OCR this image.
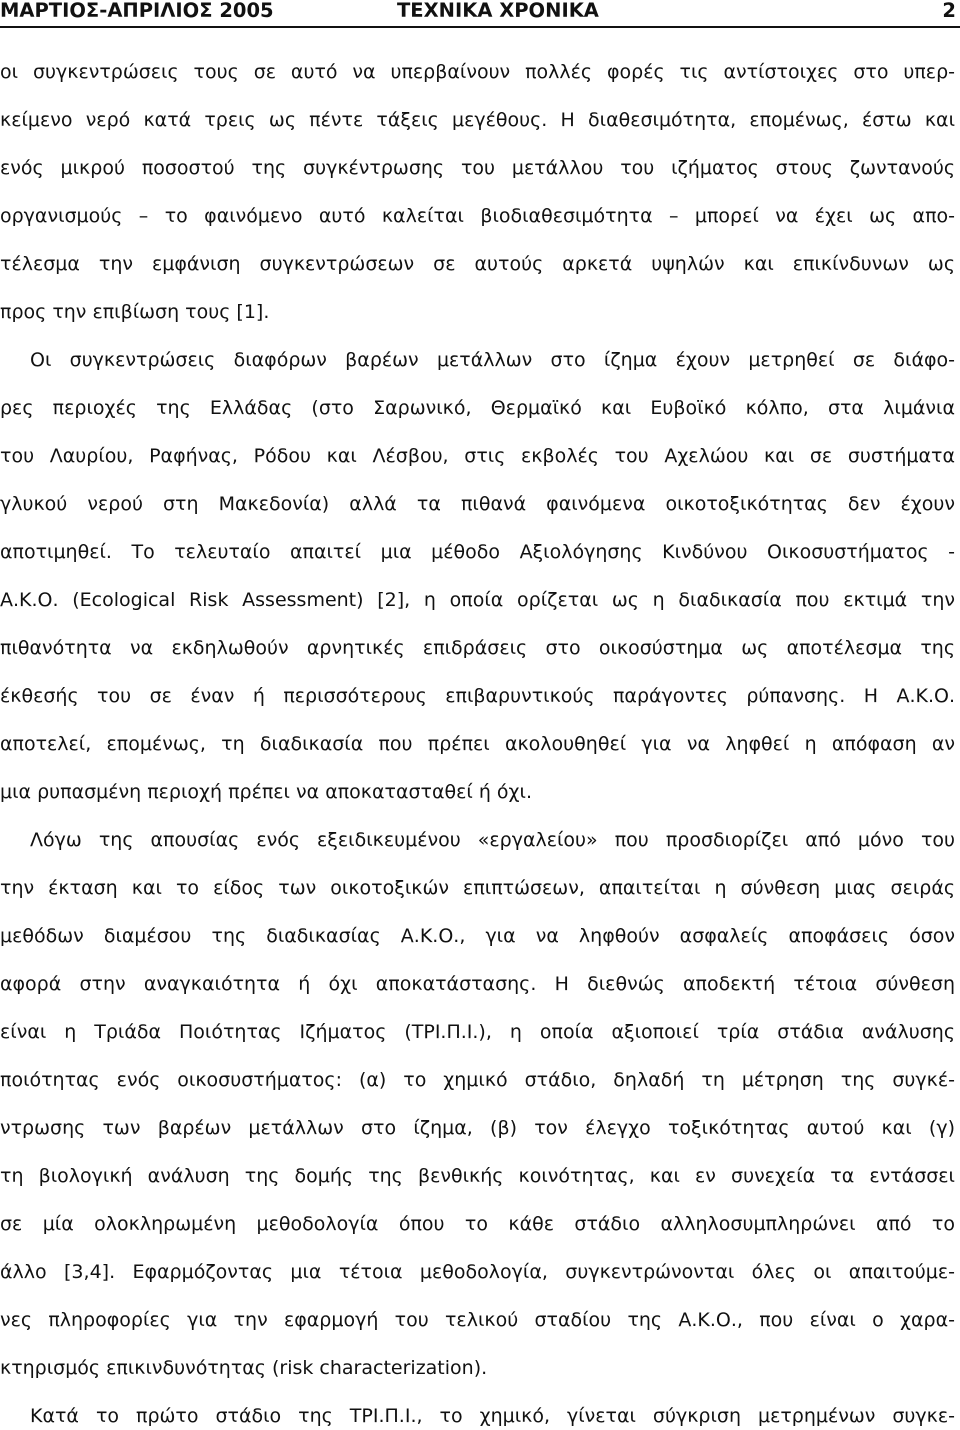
ΜΑΡΤΙΟΣ-ΑΠΡΙΛΙΟΣ 2005	ΤΕΧΝΙΚΑ ΧΡΟΝΙΚΑ	2
οι συγκεντρώσεις τους σε αυτό να υπερβαίνουν πολλές φορές τις αντίστοιχες στο υπερ-
κείμενο νερό κατά τρεις ως πέντε τάξεις μεγέθους. Η διαθεσιμότητα, επομένως, έστω και
ενός μικρού ποσοστού της συγκέντρωσης του μετάλλου του ιζήματος στους ζωντανούς
οργανισμούς – το φαινόμενο αυτό καλείται βιοδιαθεσιμότητα – μπορεί να έχει ως απο-
τέλεσμα την εμφάνιση συγκεντρώσεων σε αυτούς αρκετά υψηλών και επικίνδυνων ως
προς την επιβίωση τους [1].
Οι συγκεντρώσεις διαφόρων βαρέων μετάλλων στο ίζημα έχουν μετρηθεί σε διάφο-
ρες περιοχές της Ελλάδας (στο Σαρωνικό, Θερμαϊκό και Ευβοϊκό κόλπο, στα λιμάνια
του Λαυρίου, Ραφήνας, Ρόδου και Λέσβου, στις εκβολές του Αχελώου και σε συστήματα
γλυκού νερού στη Μακεδονία) αλλά τα πιθανά φαινόμενα οικοτοξικότητας δεν έχουν
αποτιμηθεί. Το τελευταίο απαιτεί μια μέθοδο Αξιολόγησης Κινδύνου Οικοσυστήματος -
Α.Κ.Ο. (Ecological Risk Assessment) [2], η οποία ορίζεται ως η διαδικασία που εκτιμά την
πιθανότητα να εκδηλωθούν αρνητικές επιδράσεις στο οικοσύστημα ως αποτέλεσμα της
έκθεσής του σε έναν ή περισσότερους επιβαρυντικούς παράγοντες ρύπανσης. Η Α.Κ.Ο.
αποτελεί, επομένως, τη διαδικασία που πρέπει ακολουθηθεί για να ληφθεί η απόφαση αν
μια ρυπασμένη περιοχή πρέπει να αποκατασταθεί ή όχι.
Λόγω της απουσίας ενός εξειδικευμένου «εργαλείου» που προσδιορίζει από μόνο του
την έκταση και το είδος των οικοτοξικών επιπτώσεων, απαιτείται η σύνθεση μιας σειράς
μεθόδων διαμέσου της διαδικασίας Α.Κ.Ο., για να ληφθούν ασφαλείς αποφάσεις όσον
αφορά στην αναγκαιότητα ή όχι αποκατάστασης. Η διεθνώς αποδεκτή τέτοια σύνθεση
είναι η Τριάδα Ποιότητας Ιζήματος (ΤΡΙ.Π.Ι.), η οποία αξιοποιεί τρία στάδια ανάλυσης
ποιότητας ενός οικοσυστήματος: (α) το χημικό στάδιο, δηλαδή τη μέτρηση της συγκέ-
ντρωσης των βαρέων μετάλλων στο ίζημα, (β) τον έλεγχο τοξικότητας αυτού και (γ)
τη βιολογική ανάλυση της δομής της βενθικής κοινότητας, και εν συνεχεία τα εντάσσει
σε μία ολοκληρωμένη μεθοδολογία όπου το κάθε στάδιο αλληλοσυμπληρώνει από το
άλλο [3,4]. Εφαρμόζοντας μια τέτοια μεθοδολογία, συγκεντρώνονται όλες οι απαιτούμε-
νες πληροφορίες για την εφαρμογή του τελικού σταδίου της Α.Κ.Ο., που είναι ο χαρα-
κτηρισμός επικινδυνότητας (risk characterization).
Κατά το πρώτο στάδιο της ΤΡΙ.Π.Ι., το χημικό, γίνεται σύγκριση μετρημένων συγκε-
